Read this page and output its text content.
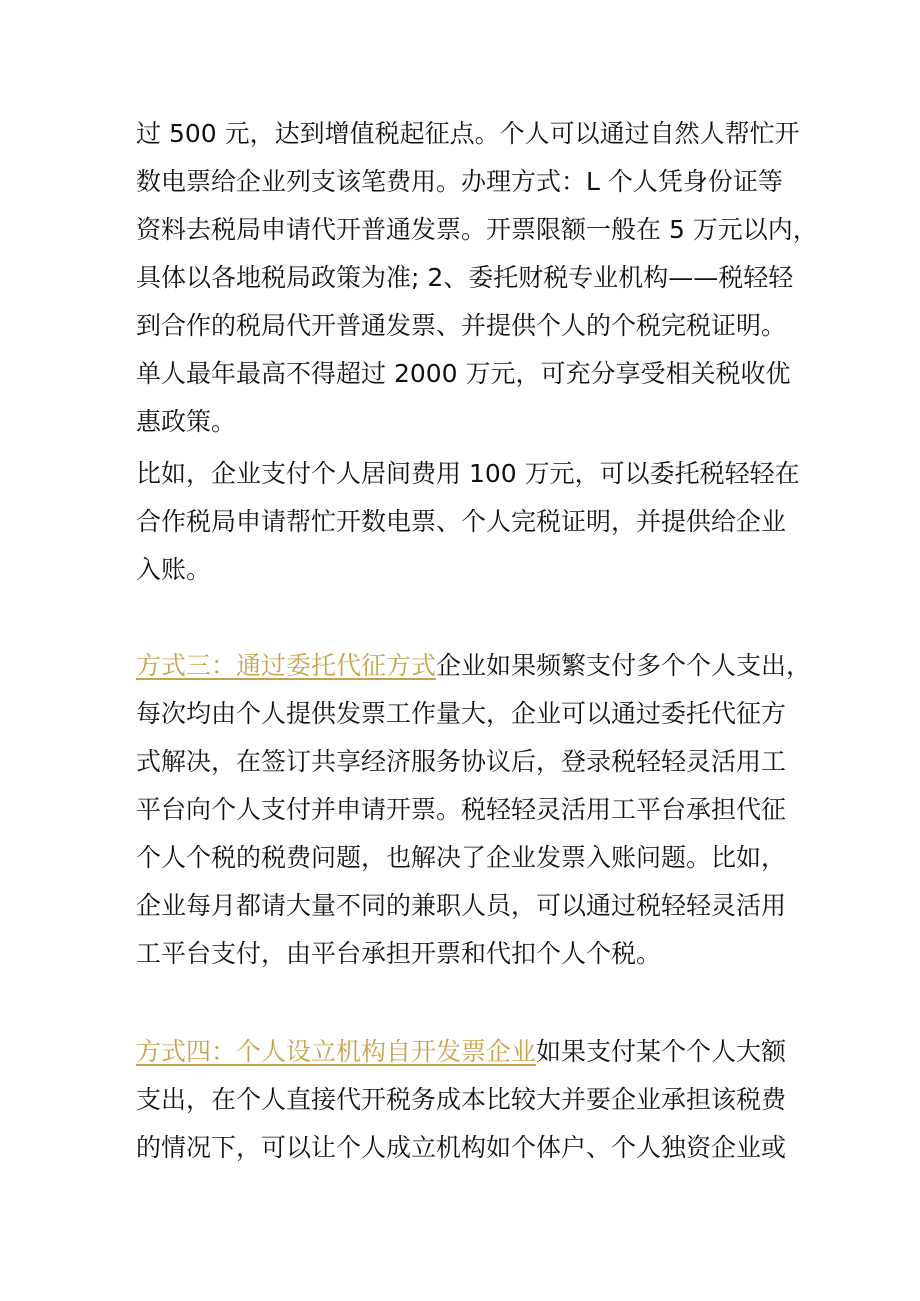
过 500 元，达到增值税起征点。个人可以通过自然人帮忙开
数电票给企业列支该笔费用。办理方式：L 个人凭身份证等
资料去税局申请代开普通发票。开票限额一般在 5 万元以内，
具体以各地税局政策为准; 2、委托财税专业机构——税轻轻
到合作的税局代开普通发票、并提供个人的个税完税证明。
单人最年最高不得超过 2000 万元，可充分享受相关税收优
惠政策。
比如，企业支付个人居间费用 100 万元，可以委托税轻轻在
合作税局申请帮忙开数电票、个人完税证明，并提供给企业
入账。
方式三：通过委托代征方式企业如果频繁支付多个个人支出，
每次均由个人提供发票工作量大，企业可以通过委托代征方
式解决，在签订共享经济服务协议后，登录税轻轻灵活用工
平台向个人支付并申请开票。税轻轻灵活用工平台承担代征
个人个税的税费问题，也解决了企业发票入账问题。比如，
企业每月都请大量不同的兼职人员，可以通过税轻轻灵活用
工平台支付，由平台承担开票和代扣个人个税。
方式四：个人设立机构自开发票企业如果支付某个个人大额
支出，在个人直接代开税务成本比较大并要企业承担该税费
的情况下，可以让个人成立机构如个体户、个人独资企业或
